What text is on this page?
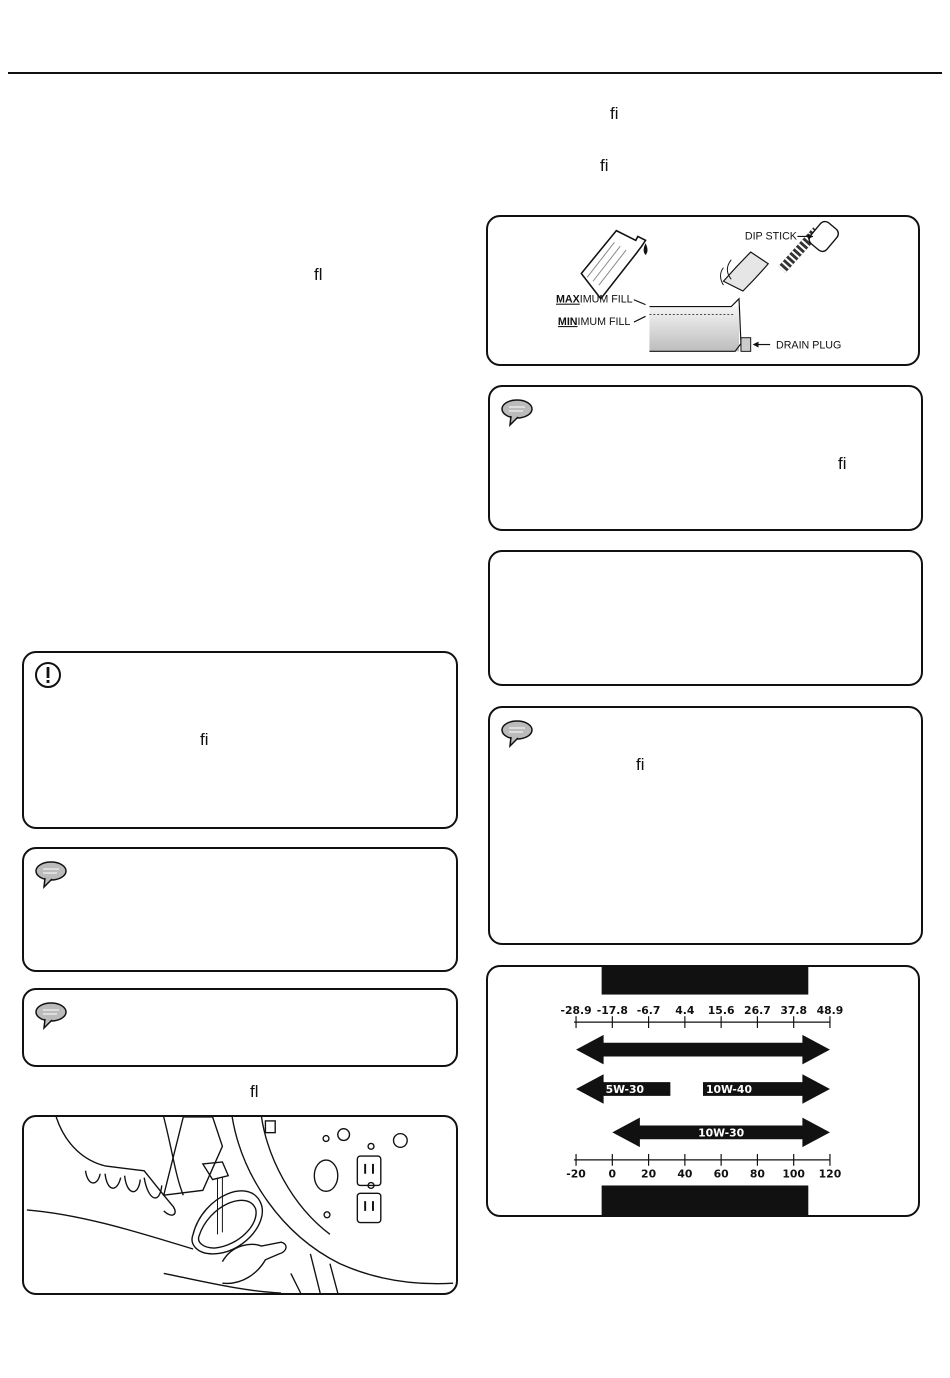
ﬁ
ﬁ
ﬂ
DIP STICK
MAXIMUM FILL
MINIMUM FILL
DRAIN PLUG
ﬁ
ﬁ
-28.9 -17.8 -6.7 4.4 15.6 26.7 37.8 48.9
-20 0 20 40 60 80 100 120
5W-30	10W-40
10W-30
ﬁ
ﬂ
